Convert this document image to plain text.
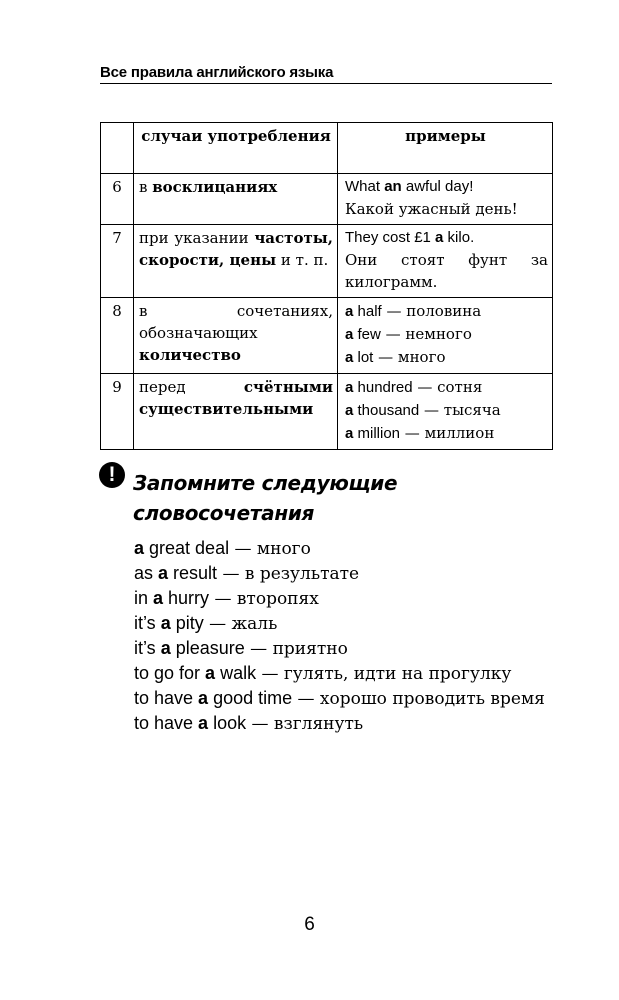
Все правила английского языка
	случаи употребления	примеры
6	в восклицаниях	What an awful day!
Какой ужасный день!

7	при указании частоты, скорости, цены и т. п.	They cost £1 a kilo.
Они стоят фунт за килограмм.

8	в сочетаниях, обозначающих количество	a half — половина
a few — немного
a lot — много

9	перед счётными существительными	a hundred — сотня
a thousand — тысяча
a million — миллион
! Запомните следующие словосочетания
a great deal — много
as a result — в результате
in a hurry — второпях
it’s a pity — жаль
it’s a pleasure — приятно
to go for a walk — гулять, идти на прогулку
to have a good time — хорошо проводить время
to have a look — взглянуть
6
